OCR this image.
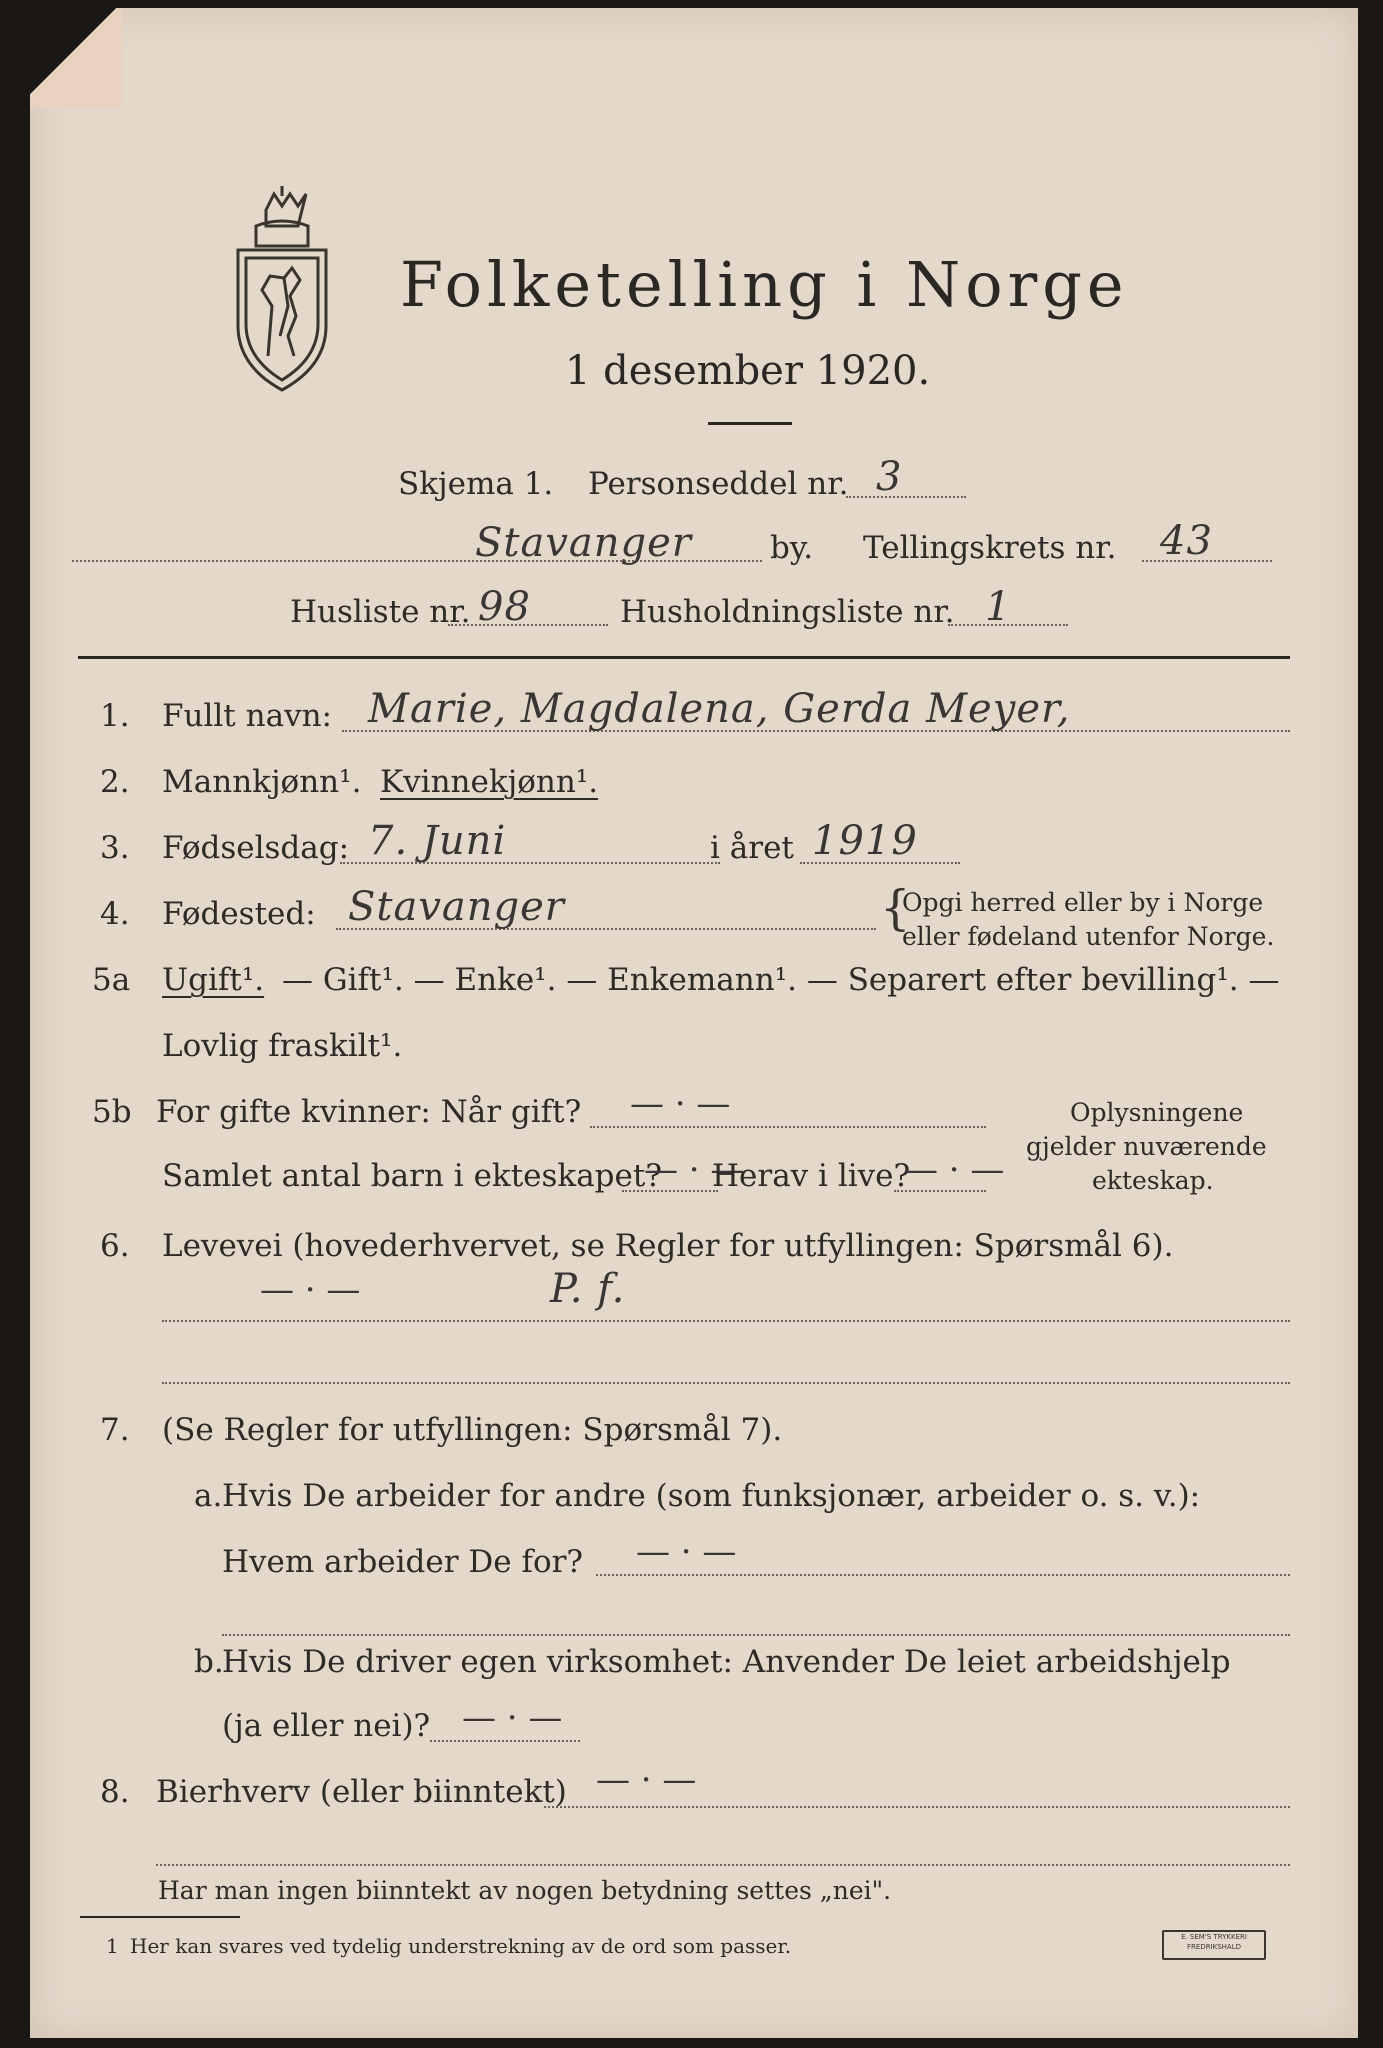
Folketelling i Norge
1 desember 1920.
Skjema 1. Personseddel nr. 3
Stavanger	by. Tellingskrets nr. 43
Husliste nr. 98	Husholdningsliste nr. 1
1. Fullt navn: Marie, Magdalena, Gerda Meyer,
2. Mannkjønn¹. Kvinnekjønn¹.
3. Fødselsdag: 7. Juni	i året 1919
4. Fødested: Stavanger	{
Opgi herred eller by i Norge
eller fødeland utenfor Norge.
5a Ugift¹. — Gift¹. — Enke¹. — Enkemann¹. — Separert efter bevilling¹. —
Lovlig fraskilt¹.
5b For gifte kvinner: Når gift? — · —
Samlet antal barn i ekteskapet?
— · —
Herav i live?
— · —
Oplysningene
gjelder nuværende
ekteskap.
6. Levevei (hovederhvervet, se Regler for utfyllingen: Spørsmål 6).
— · —	P. f.
7. (Se Regler for utfyllingen: Spørsmål 7).
a. Hvis De arbeider for andre (som funksjonær, arbeider o. s. v.):
Hvem arbeider De for? — · —
b.
Hvis De driver egen virksomhet: Anvender De leiet arbeidshjelp
(ja eller nei)? — · —
8. Bierhverv (eller biinntekt) — · —
Har man ingen biinntekt av nogen betydning settes „nei".
1 Her kan svares ved tydelig understrekning av de ord som passer.	E. SEM'S TRYKKERI
FREDRIKSHALD
